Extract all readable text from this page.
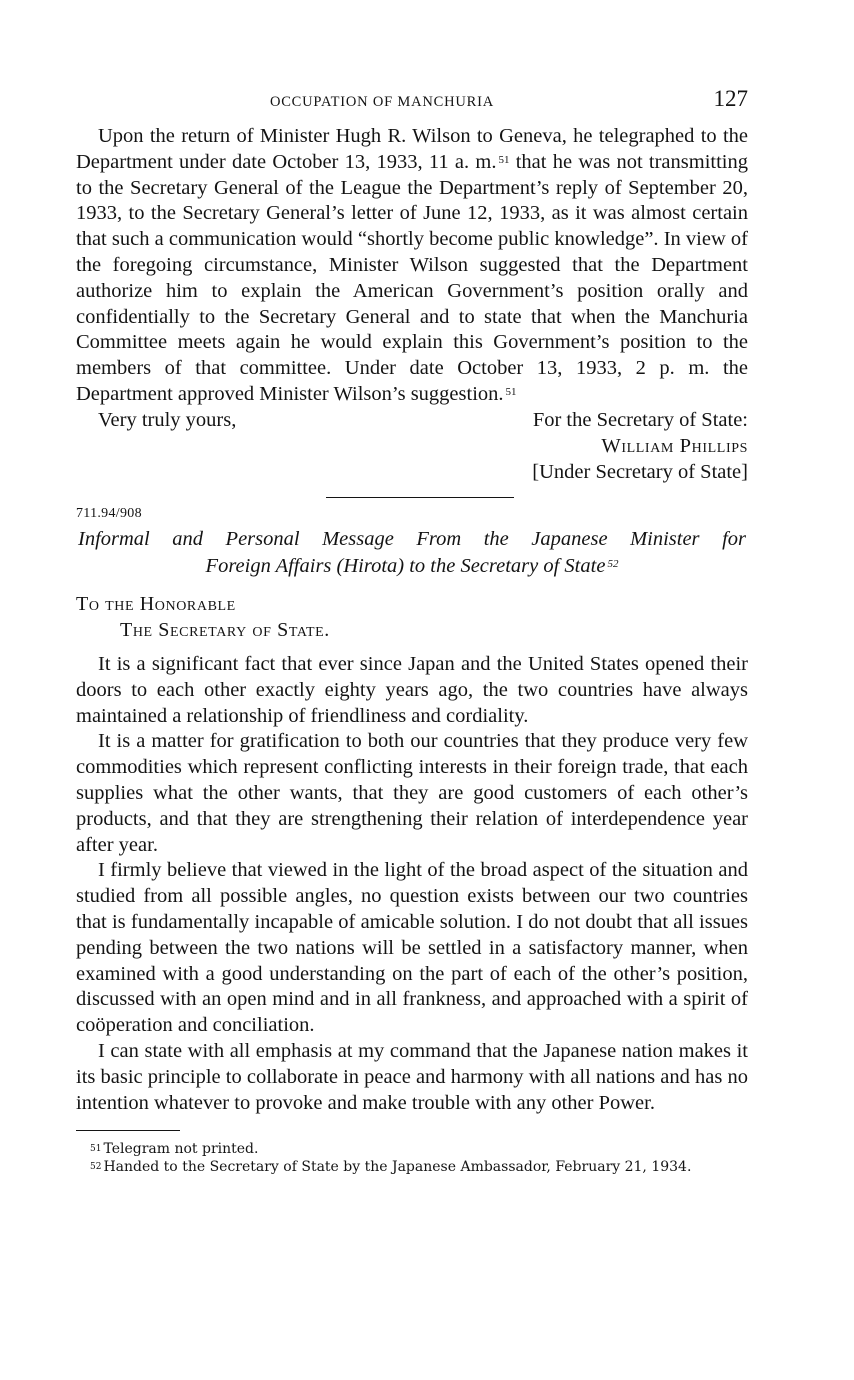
OCCUPATION OF MANCHURIA	127

Upon the return of Minister Hugh R. Wilson to Geneva, he telegraphed to the Department under date October 13, 1933, 11 a. m. $^{51}$ that he was not transmitting to the Secretary General of the League the Department’s reply of September 20, 1933, to the Secretary General’s letter of June 12, 1933, as it was almost certain that such a communication would “shortly become public knowledge”. In view of the foregoing circumstance, Minister Wilson suggested that the Department authorize him to explain the American Government’s position orally and confidentially to the Secretary General and to state that when the Manchuria Committee meets again he would explain this Government’s position to the members of that committee. Under date October 13, 1933, 2 p. m. the Department approved Minister Wilson’s suggestion. $^{51}$

Very truly yours,	For the Secretary of State:
William Phillips
[Under Secretary of State]
711.94/908
Informal and Personal Message From the Japanese Minister for
Foreign Affairs (Hirota) to the Secretary of State $^{52}$
To the Honorable
The Secretary of State.

It is a significant fact that ever since Japan and the United States opened their doors to each other exactly eighty years ago, the two countries have always maintained a relationship of friendliness and cordiality.

It is a matter for gratification to both our countries that they produce very few commodities which represent conflicting interests in their foreign trade, that each supplies what the other wants, that they are good customers of each other’s products, and that they are strengthening their relation of interdependence year after year.

I firmly believe that viewed in the light of the broad aspect of the situation and studied from all possible angles, no question exists between our two countries that is fundamentally incapable of amicable solution. I do not doubt that all issues pending between the two nations will be settled in a satisfactory manner, when examined with a good understanding on the part of each of the other’s position, discussed with an open mind and in all frankness, and approached with a spirit of coöperation and conciliation.

I can state with all emphasis at my command that the Japanese nation makes it its basic principle to collaborate in peace and harmony with all nations and has no intention whatever to provoke and make trouble with any other Power.

$^{51}$ Telegram not printed.
$^{52}$ Handed to the Secretary of State by the Japanese Ambassador, February 21, 1934.
